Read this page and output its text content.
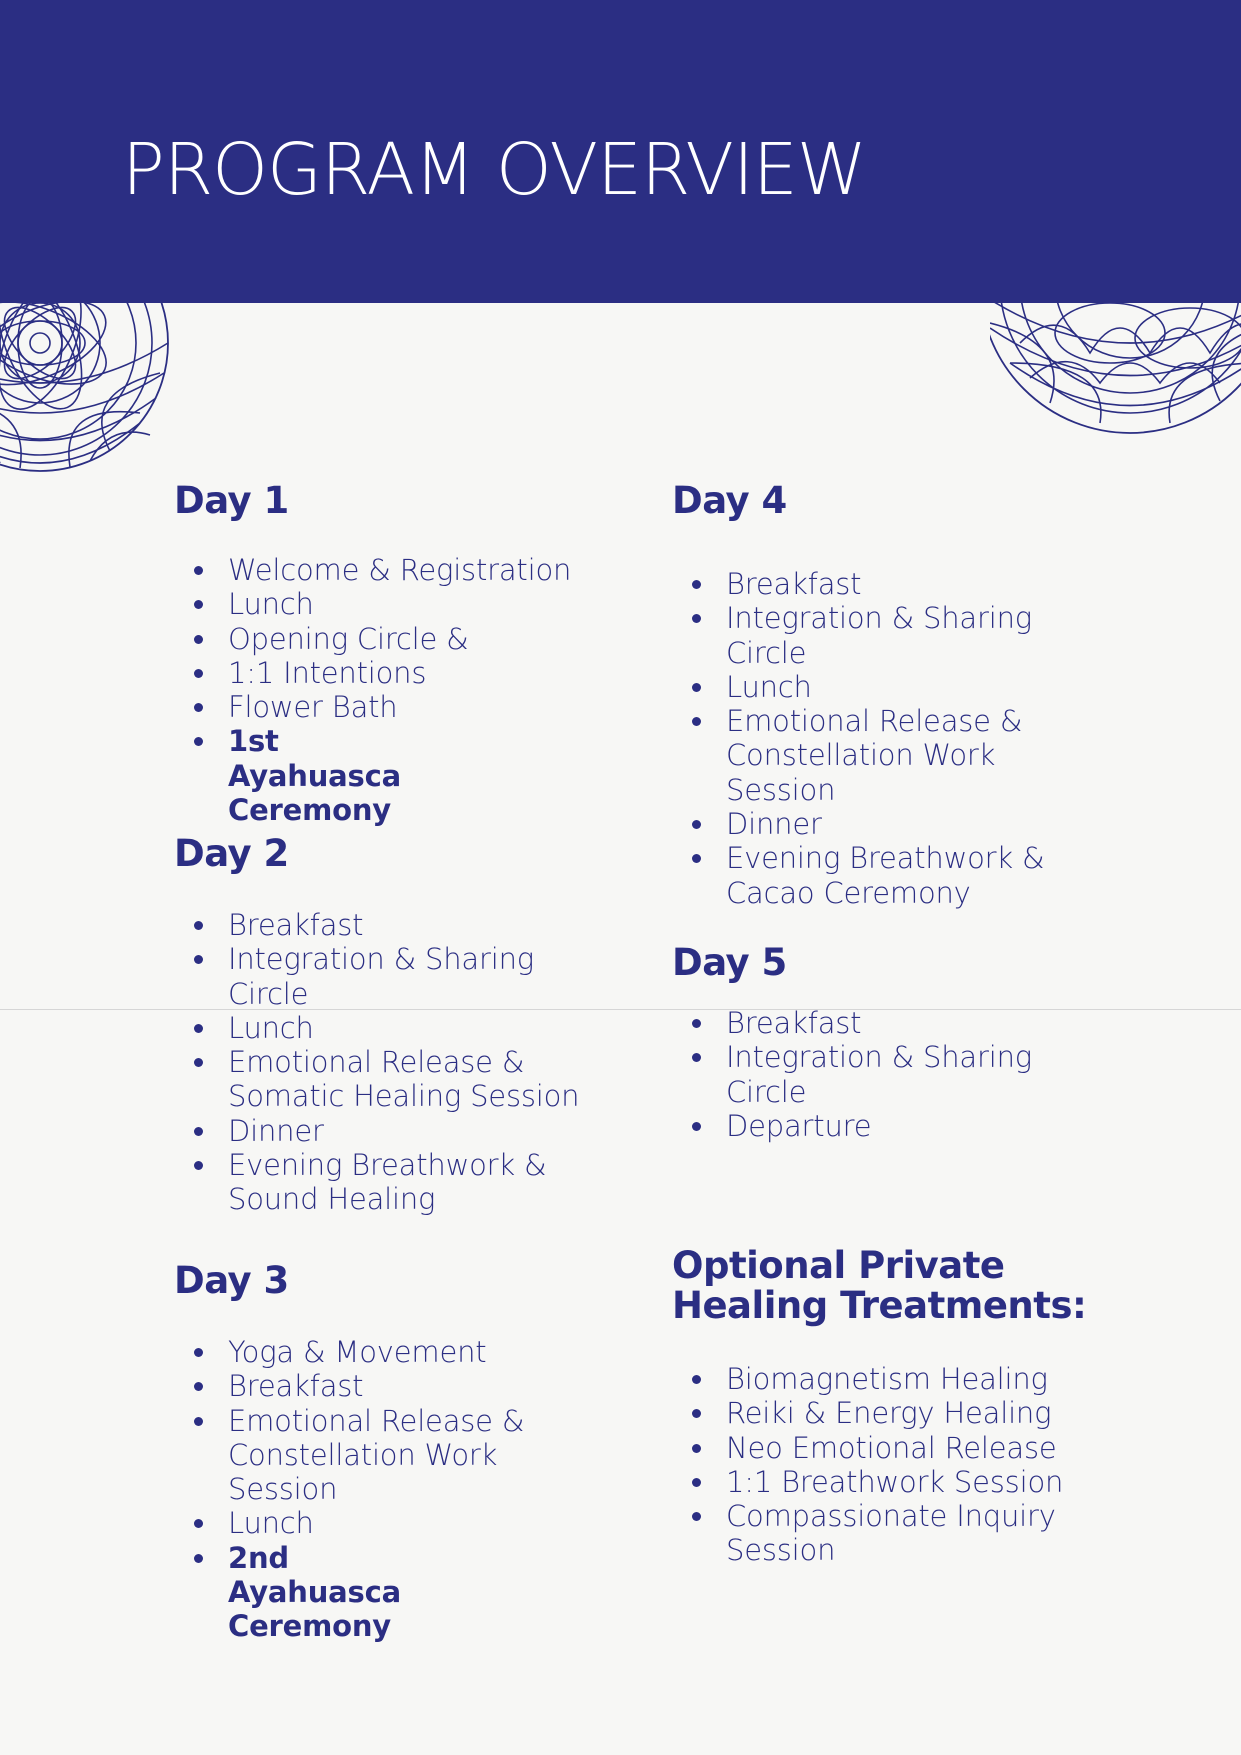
PROGRAM OVERVIEW
Day 1
Welcome & Registration
Lunch
Opening Circle &
1:1 Intentions
Flower Bath
1st Ayahuasca Ceremony
Day 2
Breakfast
Integration & Sharing Circle
Lunch
Emotional Release & Somatic Healing Session
Dinner
Evening Breathwork & Sound Healing
Day 3
Yoga & Movement
Breakfast
Emotional Release & Constellation Work Session
Lunch
2nd Ayahuasca Ceremony
Day 4
Breakfast
Integration & Sharing Circle
Lunch
Emotional Release & Constellation Work Session
Dinner
Evening Breathwork & Cacao Ceremony
Day 5
Breakfast
Integration & Sharing Circle
Departure
Optional Private
Healing Treatments:
Biomagnetism Healing
Reiki & Energy Healing
Neo Emotional Release
1:1 Breathwork Session
Compassionate Inquiry Session
